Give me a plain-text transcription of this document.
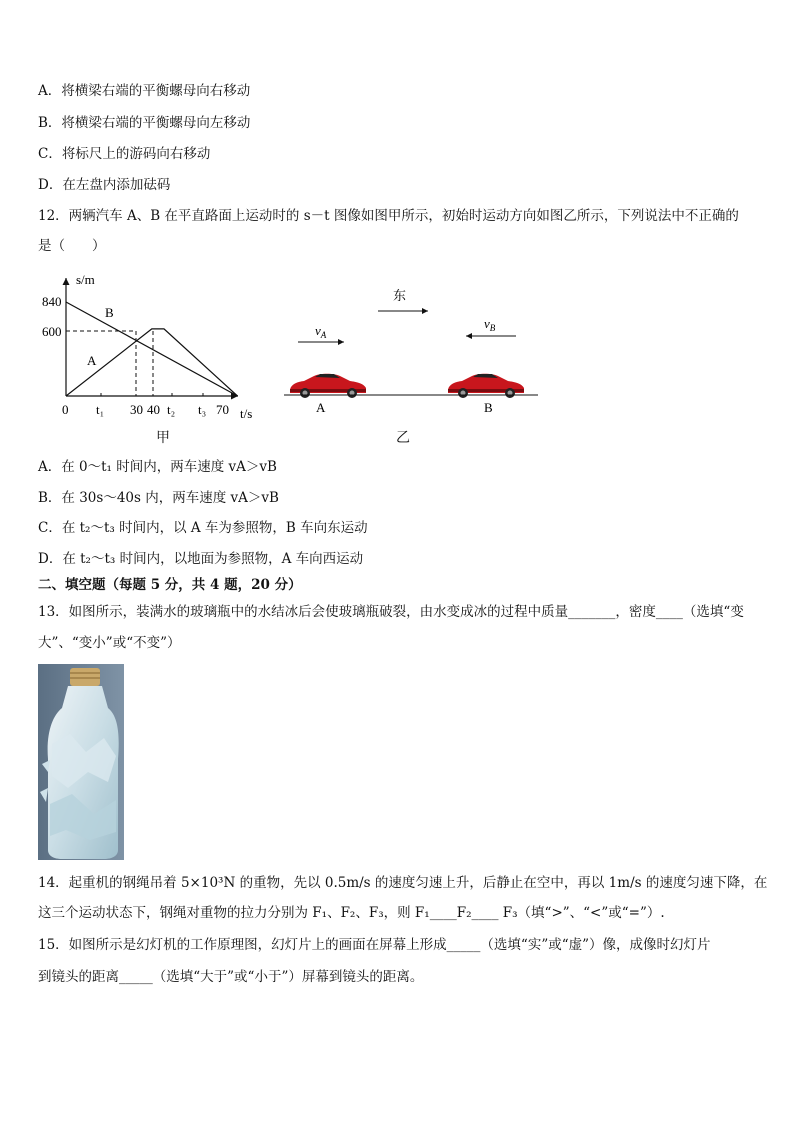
A．将横梁右端的平衡螺母向右移动
B．将横梁右端的平衡螺母向左移动
C．将标尺上的游码向右移动
D．在左盘内添加砝码
12．两辆汽车 A、B 在平直路面上运动时的 s－t 图像如图甲所示，初始时运动方向如图乙所示，下列说法中不正确的
是（　　）
s/m
t/s
840
600
0 t₁ 30 40 t₂ t₃ 70
A
B
甲
东
$v_A$
$v_B$
A	B
乙
A．在 0～t₁ 时间内，两车速度 vA＞vB
B．在 30s～40s 内，两车速度 vA＞vB
C．在 t₂～t₃ 时间内，以 A 车为参照物，B 车向东运动
D．在 t₂～t₃ 时间内，以地面为参照物，A 车向西运动
二、填空题（每题 5 分，共 4 题，20 分）
13．如图所示，装满水的玻璃瓶中的水结冰后会使玻璃瓶破裂，由水变成冰的过程中质量_______，密度____（选填“变
大”、“变小”或“不变”）
14．起重机的钢绳吊着 5×10³N 的重物，先以 0.5m/s 的速度匀速上升，后静止在空中，再以 1m/s 的速度匀速下降，在
这三个运动状态下，钢绳对重物的拉力分别为 F₁、F₂、F₃，则 F₁____F₂____ F₃（填“>”、“<”或“=”）.
15．如图所示是幻灯机的工作原理图，幻灯片上的画面在屏幕上形成_____（选填“实”或“虚”）像，成像时幻灯片
到镜头的距离_____（选填“大于”或“小于”）屏幕到镜头的距离。
